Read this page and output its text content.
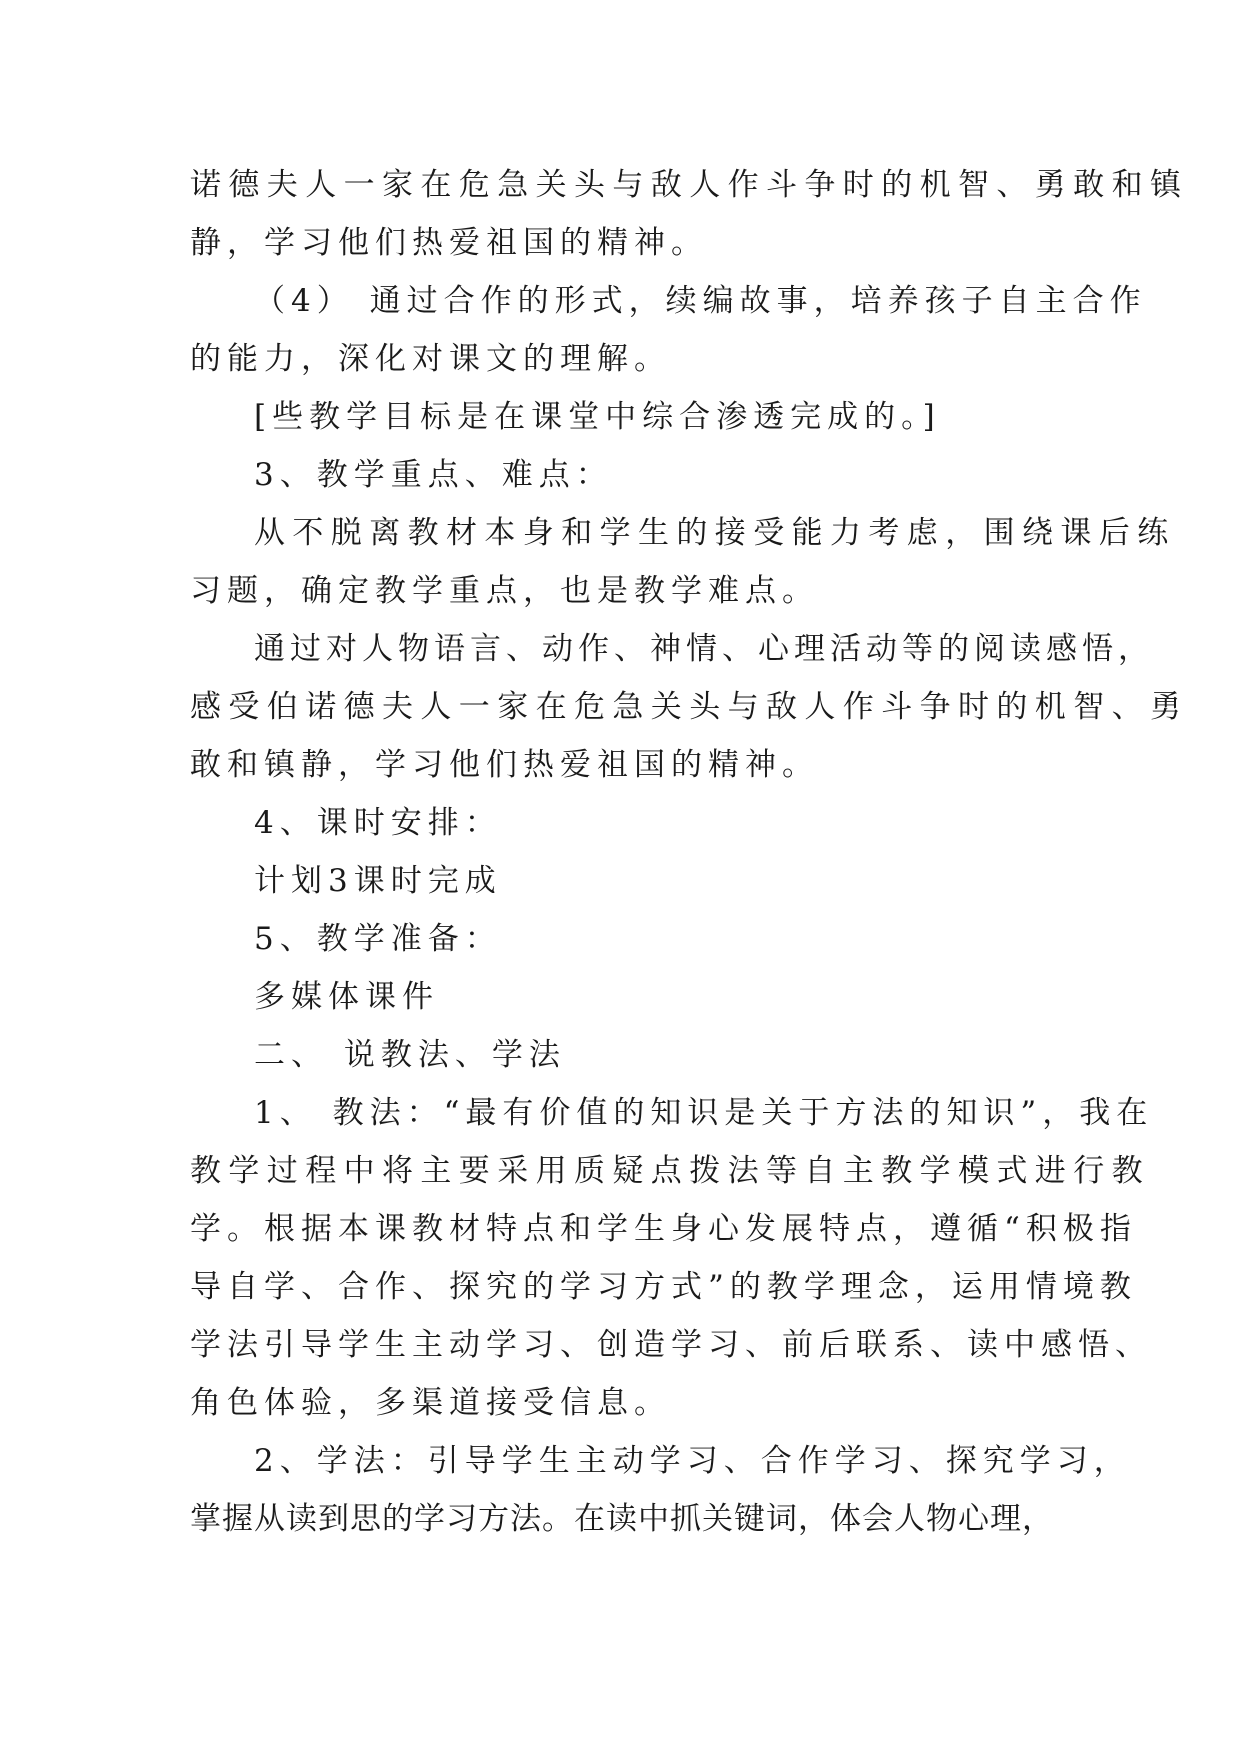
诺德夫人一家在危急关头与敌人作斗争时的机智、勇敢和镇
静，学习他们热爱祖国的精神。
（4） 通过合作的形式，续编故事，培养孩子自主合作
的能力，深化对课文的理解。
[些教学目标是在课堂中综合渗透完成的。]
3、教学重点、难点：
从不脱离教材本身和学生的接受能力考虑，围绕课后练
习题，确定教学重点，也是教学难点。
通过对人物语言、动作、神情、心理活动等的阅读感悟，
感受伯诺德夫人一家在危急关头与敌人作斗争时的机智、勇
敢和镇静，学习他们热爱祖国的精神。
4、课时安排：
计划3课时完成
5、教学准备：
多媒体课件
二、 说教法、学法
1、 教法：“最有价值的知识是关于方法的知识”，我在
教学过程中将主要采用质疑点拨法等自主教学模式进行教
学。根据本课教材特点和学生身心发展特点，遵循“积极指
导自学、合作、探究的学习方式”的教学理念，运用情境教
学法引导学生主动学习、创造学习、前后联系、读中感悟、
角色体验，多渠道接受信息。
2、学法：引导学生主动学习、合作学习、探究学习，
掌握从读到思的学习方法。在读中抓关键词，体会人物心理，
